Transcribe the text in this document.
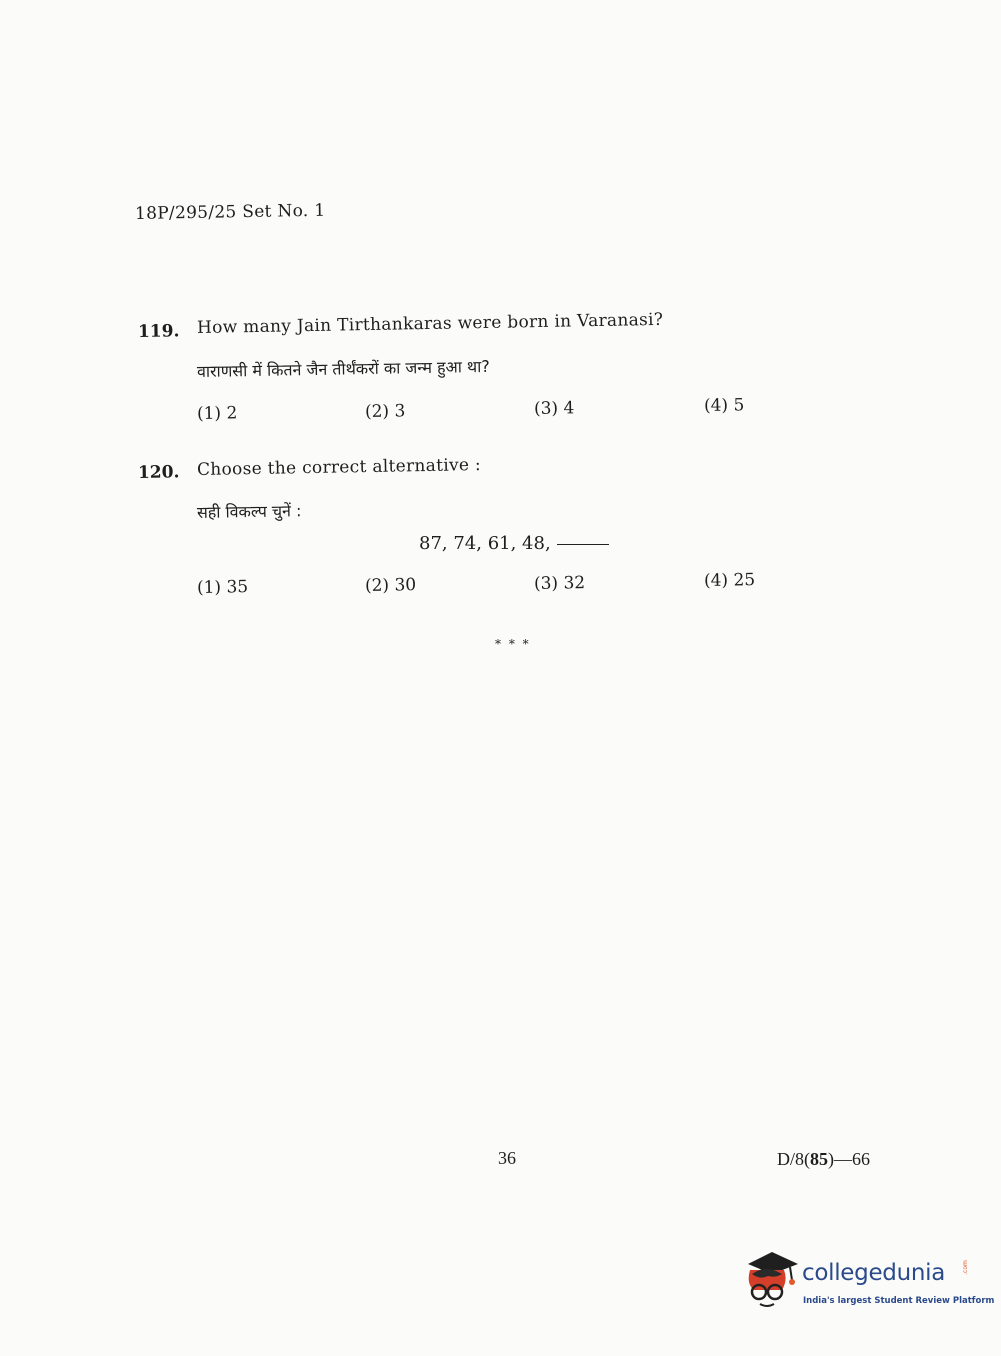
18P/295/25 Set No. 1
119. How many Jain Tirthankaras were born in Varanasi?
वाराणसी में कितने जैन तीर्थंकरों का जन्म हुआ था?
(1) 2	(2) 3	(3) 4	(4) 5
120. Choose the correct alternative :
सही विकल्प चुनें :
87, 74, 61, 48,
(1) 35	(2) 30	(3) 32	(4) 25
* * *
36	D/8(85)—66
collegedunia	.com
India's largest Student Review Platform
